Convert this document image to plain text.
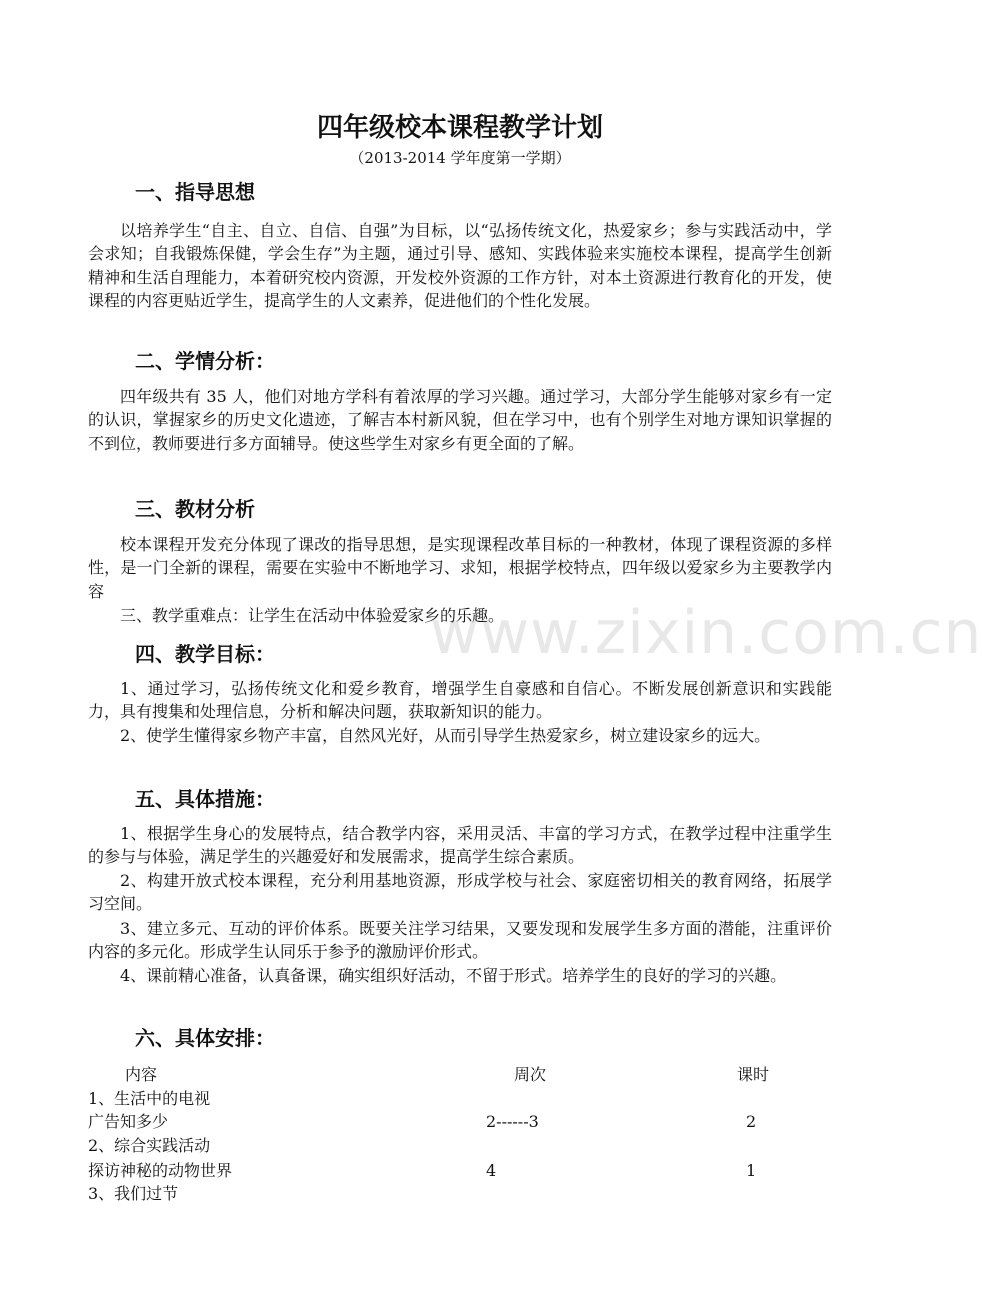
四年级校本课程教学计划
（2013-2014 学年度第一学期）
一、指导思想

以培养学生“自主、自立、自信、自强”为目标，以“弘扬传统文化，热爱家乡；参与实践活动中，学会求知；自我锻炼保健，学会生存”为主题，通过引导、感知、实践体验来实施校本课程，提高学生创新精神和生活自理能力，本着研究校内资源，开发校外资源的工作方针，对本土资源进行教育化的开发，使课程的内容更贴近学生，提高学生的人文素养，促进他们的个性化发展。

二、学情分析：

四年级共有 35 人，他们对地方学科有着浓厚的学习兴趣。通过学习，大部分学生能够对家乡有一定的认识，掌握家乡的历史文化遗迹，了解吉本村新风貌，但在学习中，也有个别学生对地方课知识掌握的不到位，教师要进行多方面辅导。使这些学生对家乡有更全面的了解。

三、教材分析

校本课程开发充分体现了课改的指导思想，是实现课程改革目标的一种教材，体现了课程资源的多样性，是一门全新的课程，需要在实验中不断地学习、求知，根据学校特点，四年级以爱家乡为主要教学内容

三、教学重难点：让学生在活动中体验爱家乡的乐趣。

www.zixin.com.cn
四、教学目标：

1、通过学习，弘扬传统文化和爱乡教育，增强学生自豪感和自信心。不断发展创新意识和实践能力，具有搜集和处理信息，分析和解决问题，获取新知识的能力。

2、使学生懂得家乡物产丰富，自然风光好，从而引导学生热爱家乡，树立建设家乡的远大。

五、具体措施：

1、根据学生身心的发展特点，结合教学内容，采用灵活、丰富的学习方式，在教学过程中注重学生的参与与体验，满足学生的兴趣爱好和发展需求，提高学生综合素质。

2、构建开放式校本课程，充分利用基地资源，形成学校与社会、家庭密切相关的教育网络，拓展学习空间。

3、建立多元、互动的评价体系。既要关注学习结果，又要发现和发展学生多方面的潜能，注重评价内容的多元化。形成学生认同乐于参予的激励评价形式。

4、课前精心准备，认真备课，确实组织好活动，不留于形式。培养学生的良好的学习的兴趣。

六、具体安排：
内容	周次	课时
1、生活中的电视
广告知多少	2------3	2
2、综合实践活动
探访神秘的动物世界	4	1
3、我们过节
